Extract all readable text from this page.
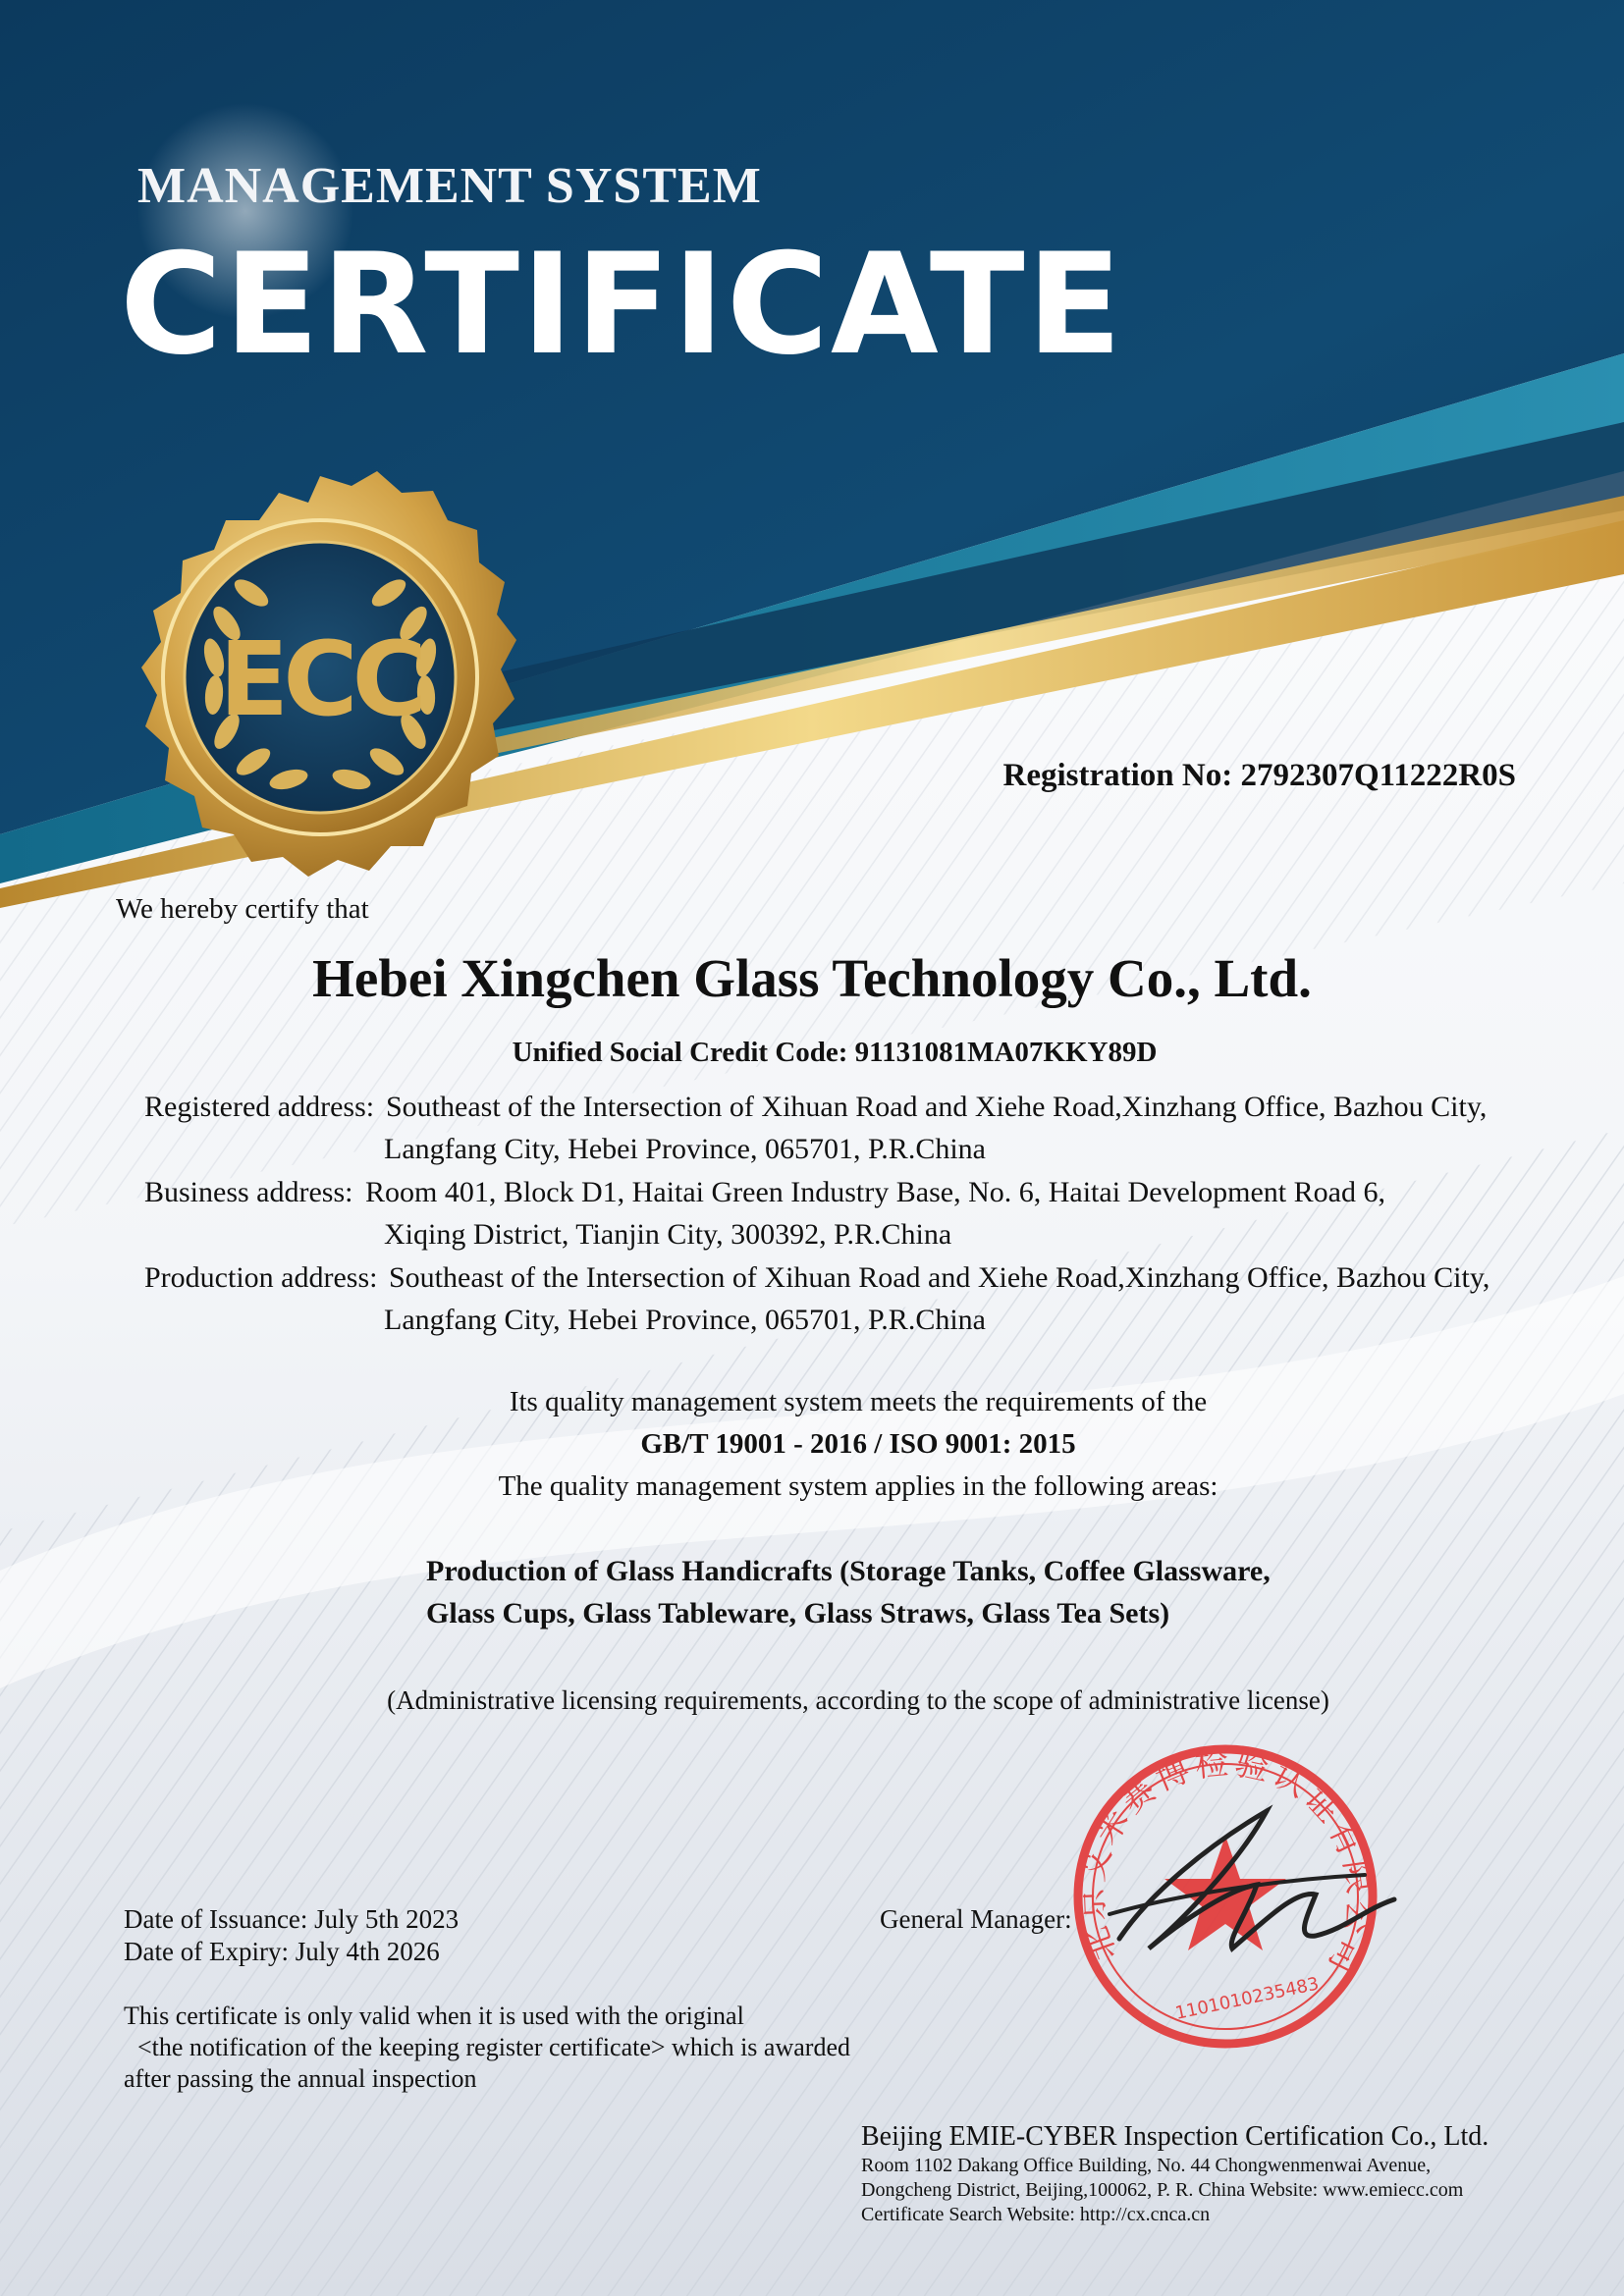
ECC
北京艾米赛博检验认证有限公司
1101010235483
MANAGEMENT SYSTEM
CERTIFICATE
Registration No: 2792307Q11222R0S
We hereby certify that
Hebei Xingchen Glass Technology Co., Ltd.
Unified Social Credit Code: 91131081MA07KKY89D
Registered address: Southeast of the Intersection of Xihuan Road and Xiehe Road,Xinzhang Office, Bazhou City,
Langfang City, Hebei Province, 065701, P.R.China
Business address: Room 401, Block D1, Haitai Green Industry Base, No. 6, Haitai Development Road 6,
Xiqing District, Tianjin City, 300392, P.R.China
Production address: Southeast of the Intersection of Xihuan Road and Xiehe Road,Xinzhang Office, Bazhou City,
Langfang City, Hebei Province, 065701, P.R.China
Its quality management system meets the requirements of the
GB/T 19001 - 2016 / ISO 9001: 2015
The quality management system applies in the following areas:
Production of Glass Handicrafts (Storage Tanks, Coffee Glassware,
Glass Cups, Glass Tableware, Glass Straws, Glass Tea Sets)
(Administrative licensing requirements, according to the scope of administrative license)
Date of Issuance: July 5th 2023
Date of Expiry: July 4th 2026
General Manager:
This certificate is only valid when it is used with the original
<the notification of the keeping register certificate> which is awarded
after passing the annual inspection
Beijing EMIE-CYBER Inspection Certification Co., Ltd.
Room 1102 Dakang Office Building, No. 44 Chongwenmenwai Avenue,
Dongcheng District, Beijing,100062, P. R. China Website: www.emiecc.com
Certificate Search Website: http://cx.cnca.cn
